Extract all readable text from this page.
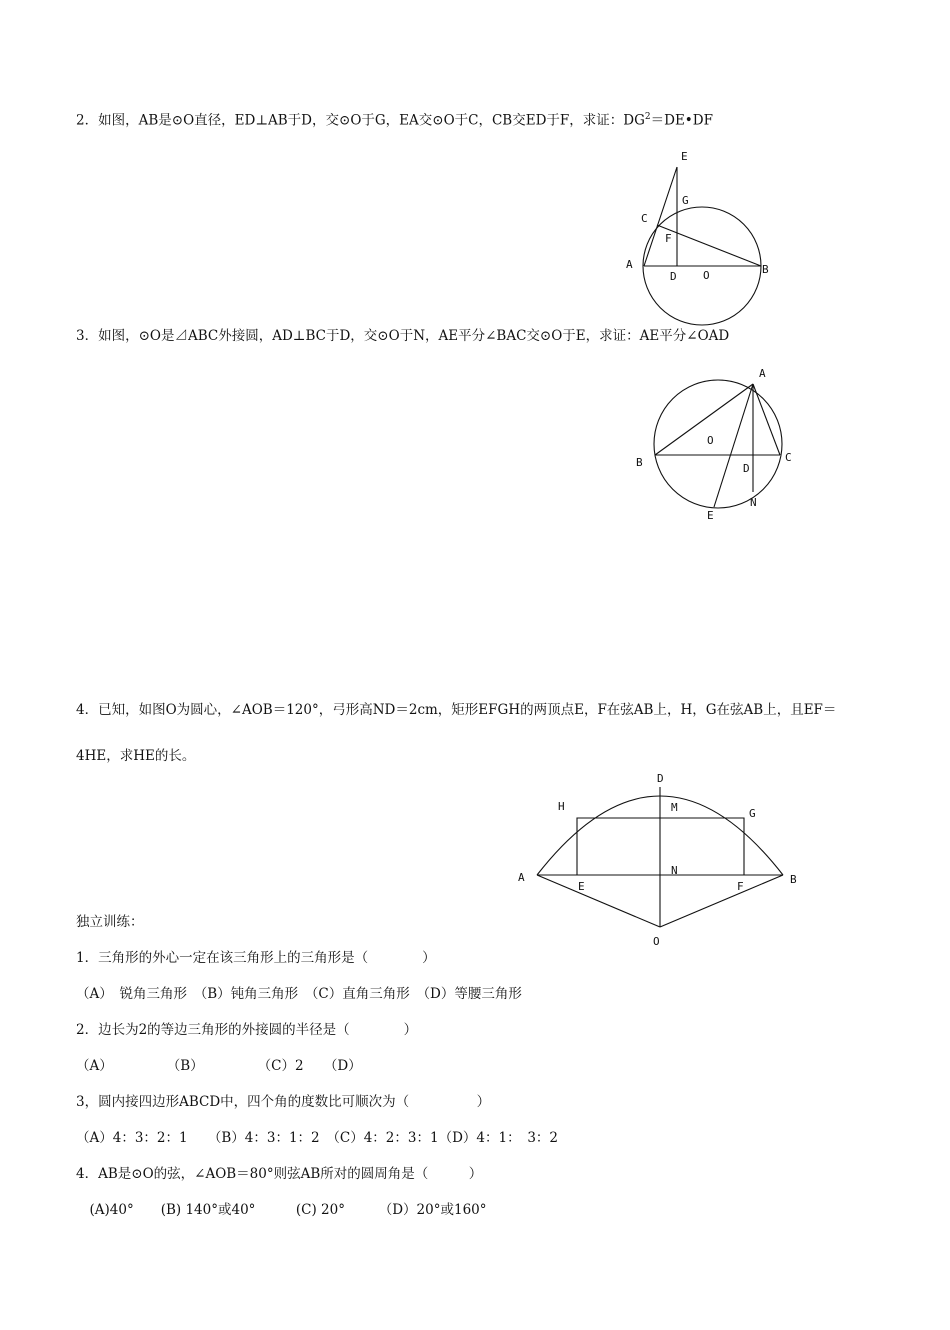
2．如图，AB是⊙O直径，ED⊥AB于D，交⊙O于G，EA交⊙O于C，CB交ED于F，求证：$DG^2=DE•DF$
E
G
C
F
A
D O	B
3．如图，⊙O是⊿ABC外接圆，AD⊥BC于D，交⊙O于N，AE平分∠BAC交⊙O于E，求证：AE平分∠OAD
A
O
B	C
D
N
E
4．已知，如图O为圆心，∠AOB＝120°，弓形高ND＝2cm，矩形EFGH的两顶点E，F在弦AB上，H，G在弦AB上，且EF＝
4HE，求HE的长。
D
H	M	G
A
N
B
E	F
O
独立训练：
1．三角形的外心一定在该三角形上的三角形是（　　　　）
（A）　锐角三角形　（B）钝角三角形　（C）直角三角形　（D）等腰三角形
2．边长为2的等边三角形的外接圆的半径是（　　　　）
（A）　　　　　（B）　　　　　（C）2　　（D）
3，圆内接四边形ABCD中，四个角的度数比可顺次为（　　　　　）
（A）4：3：2：1　　（B）4：3：1：2　（C）4：2：3：1（D）4：1：　3：2
4．AB是⊙O的弦，∠AOB＝80°则弦AB所对的圆周角是（　　　）
　(A)40°　　(B) 140°或40°　　　(C) 20°　　　（D）20°或160°
